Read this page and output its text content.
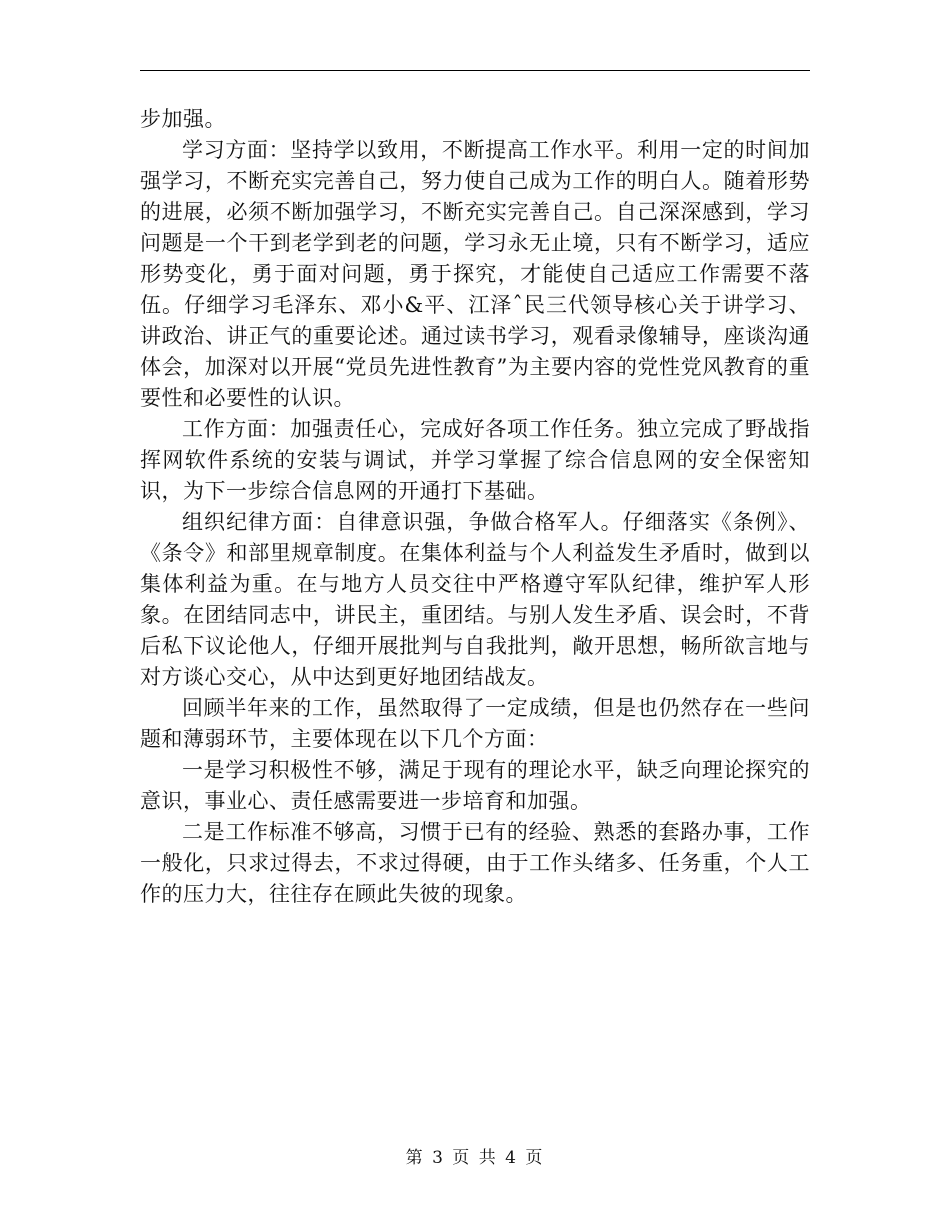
步加强。

学习方面：坚持学以致用，不断提高工作水平。利用一定的时间加强学习，不断充实完善自己，努力使自己成为工作的明白人。随着形势的进展，必须不断加强学习，不断充实完善自己。自己深深感到，学习问题是一个干到老学到老的问题，学习永无止境，只有不断学习，适应形势变化，勇于面对问题，勇于探究，才能使自己适应工作需要不落伍。仔细学习毛泽东、邓小&平、江泽ˆ民三代领导核心关于讲学习、讲政治、讲正气的重要论述。通过读书学习，观看录像辅导，座谈沟通体会，加深对以开展“党员先进性教育”为主要内容的党性党风教育的重要性和必要性的认识。

工作方面：加强责任心，完成好各项工作任务。独立完成了野战指挥网软件系统的安装与调试，并学习掌握了综合信息网的安全保密知识，为下一步综合信息网的开通打下基础。

组织纪律方面：自律意识强，争做合格军人。仔细落实《条例》、《条令》和部里规章制度。在集体利益与个人利益发生矛盾时，做到以集体利益为重。在与地方人员交往中严格遵守军队纪律，维护军人形象。在团结同志中，讲民主，重团结。与别人发生矛盾、误会时，不背后私下议论他人，仔细开展批判与自我批判，敞开思想，畅所欲言地与对方谈心交心，从中达到更好地团结战友。

回顾半年来的工作，虽然取得了一定成绩，但是也仍然存在一些问题和薄弱环节，主要体现在以下几个方面：

一是学习积极性不够，满足于现有的理论水平，缺乏向理论探究的意识，事业心、责任感需要进一步培育和加强。

二是工作标准不够高，习惯于已有的经验、熟悉的套路办事，工作一般化，只求过得去，不求过得硬，由于工作头绪多、任务重，个人工作的压力大，往往存在顾此失彼的现象。

第 3 页 共 4 页
